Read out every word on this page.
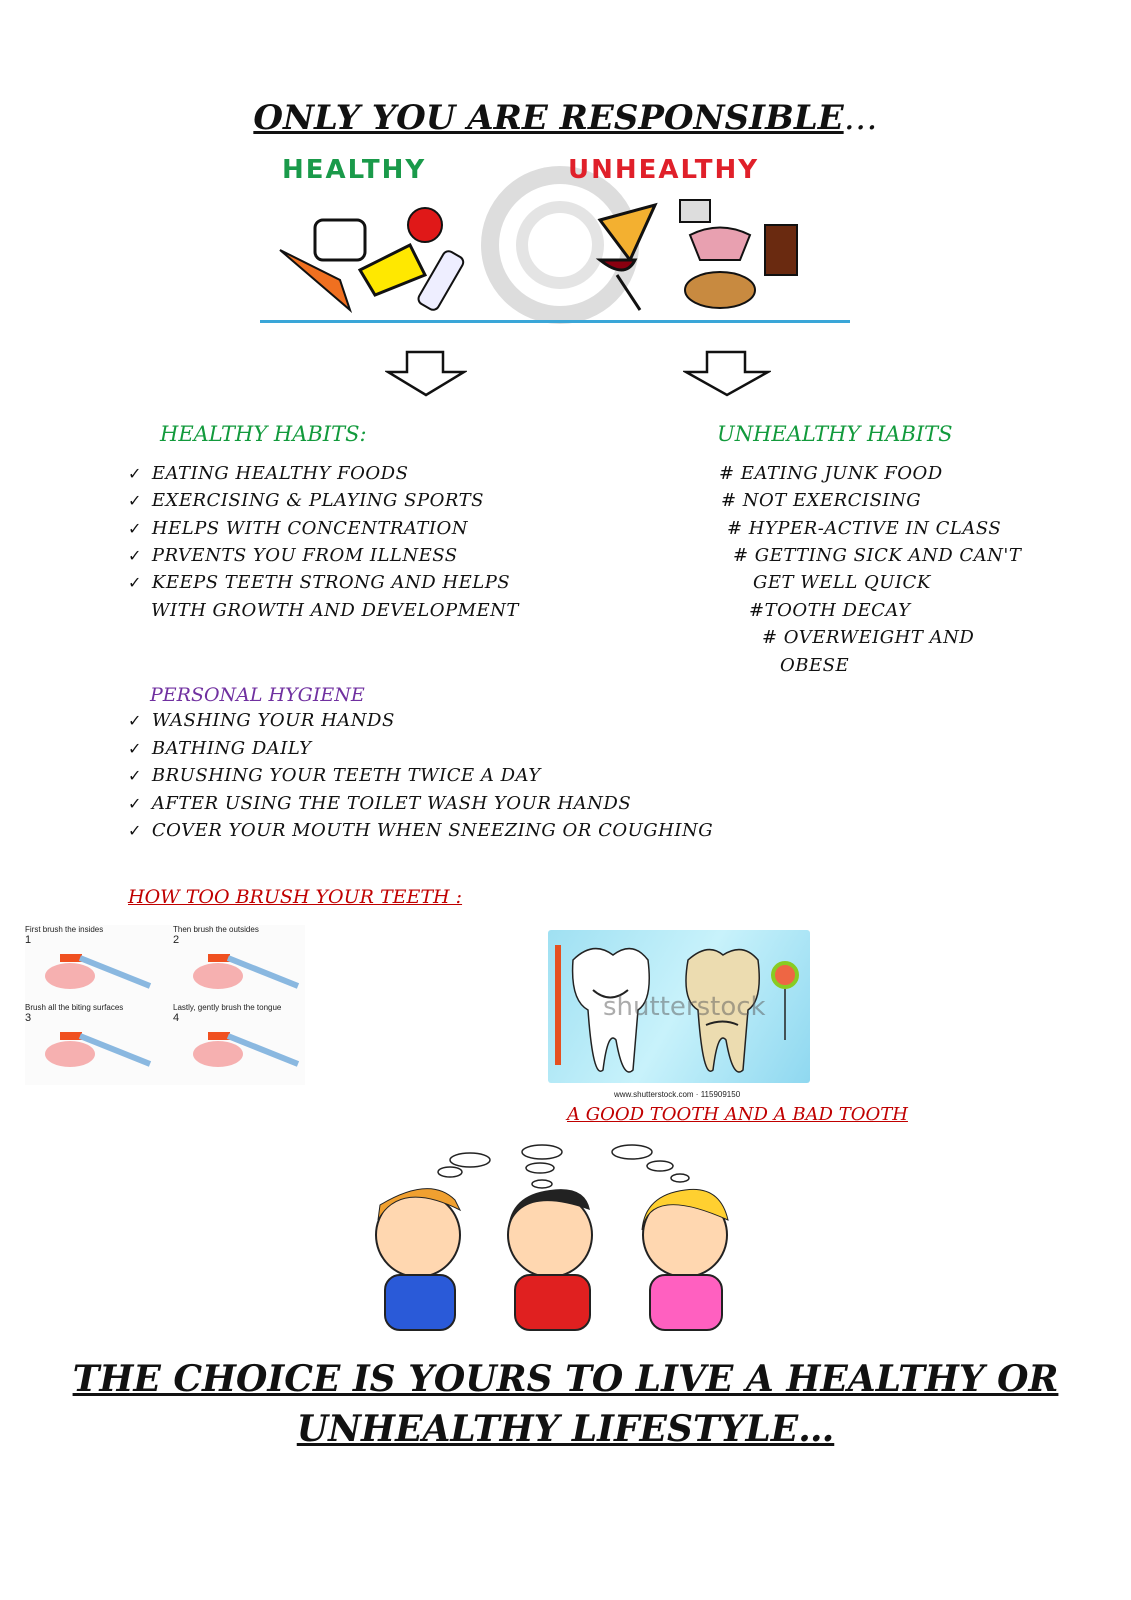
ONLY YOU ARE RESPONSIBLE…
HEALTHY	UNHEALTHY
HEALTHY HABITS:
✓ EATING HEALTHY FOODS
✓ EXERCISING & PLAYING SPORTS
✓ HELPS WITH CONCENTRATION
✓ PRVENTS YOU FROM ILLNESS
✓ KEEPS TEETH STRONG AND HELPS
WITH GROWTH AND DEVELOPMENT
UNHEALTHY HABITS
# EATING JUNK FOOD
# NOT EXERCISING
# HYPER-ACTIVE IN CLASS
# GETTING SICK AND CAN'T
GET WELL QUICK
#TOOTH DECAY
# OVERWEIGHT AND
OBESE
PERSONAL HYGIENE
✓ WASHING YOUR HANDS
✓ BATHING DAILY
✓ BRUSHING YOUR TEETH TWICE A DAY
✓ AFTER USING THE TOILET WASH YOUR HANDS
✓ COVER YOUR MOUTH WHEN SNEEZING OR COUGHING
HOW TOO BRUSH YOUR TEETH :
First brush the insides
1
Then brush the outsides
2
Brush all the biting surfaces
3
Lastly, gently brush the tongue
4	shutterstock
www.shutterstock.com · 115909150
A GOOD TOOTH AND A BAD TOOTH
THE CHOICE IS YOURS TO LIVE A HEALTHY OR
UNHEALTHY LIFESTYLE…
